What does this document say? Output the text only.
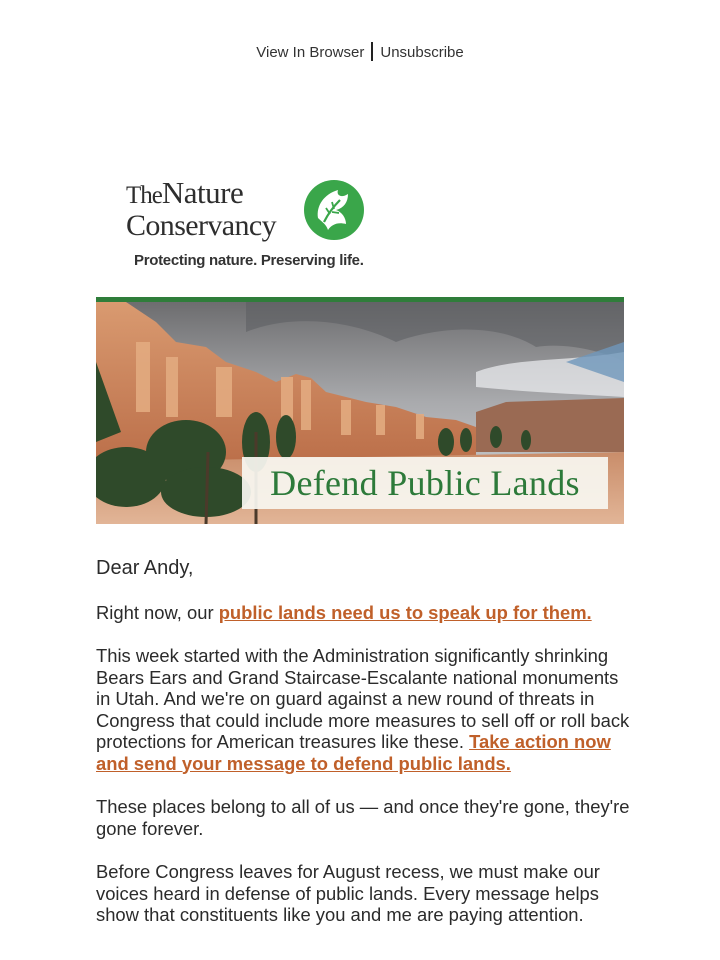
View In Browser Unsubscribe
TheNature
Conservancy
Protecting nature. Preserving life.
Defend Public Lands

Dear Andy,

Right now, our public lands need us to speak up for them.

This week started with the Administration significantly shrinking Bears Ears and Grand Staircase-Escalante national monuments in Utah. And we're on guard against a new round of threats in Congress that could include more measures to sell off or roll back protections for American treasures like these. Take action now and send your message to defend public lands.

These places belong to all of us — and once they're gone, they're gone forever.

Before Congress leaves for August recess, we must make our voices heard in defense of public lands. Every message helps show that constituents like you and me are paying attention.
